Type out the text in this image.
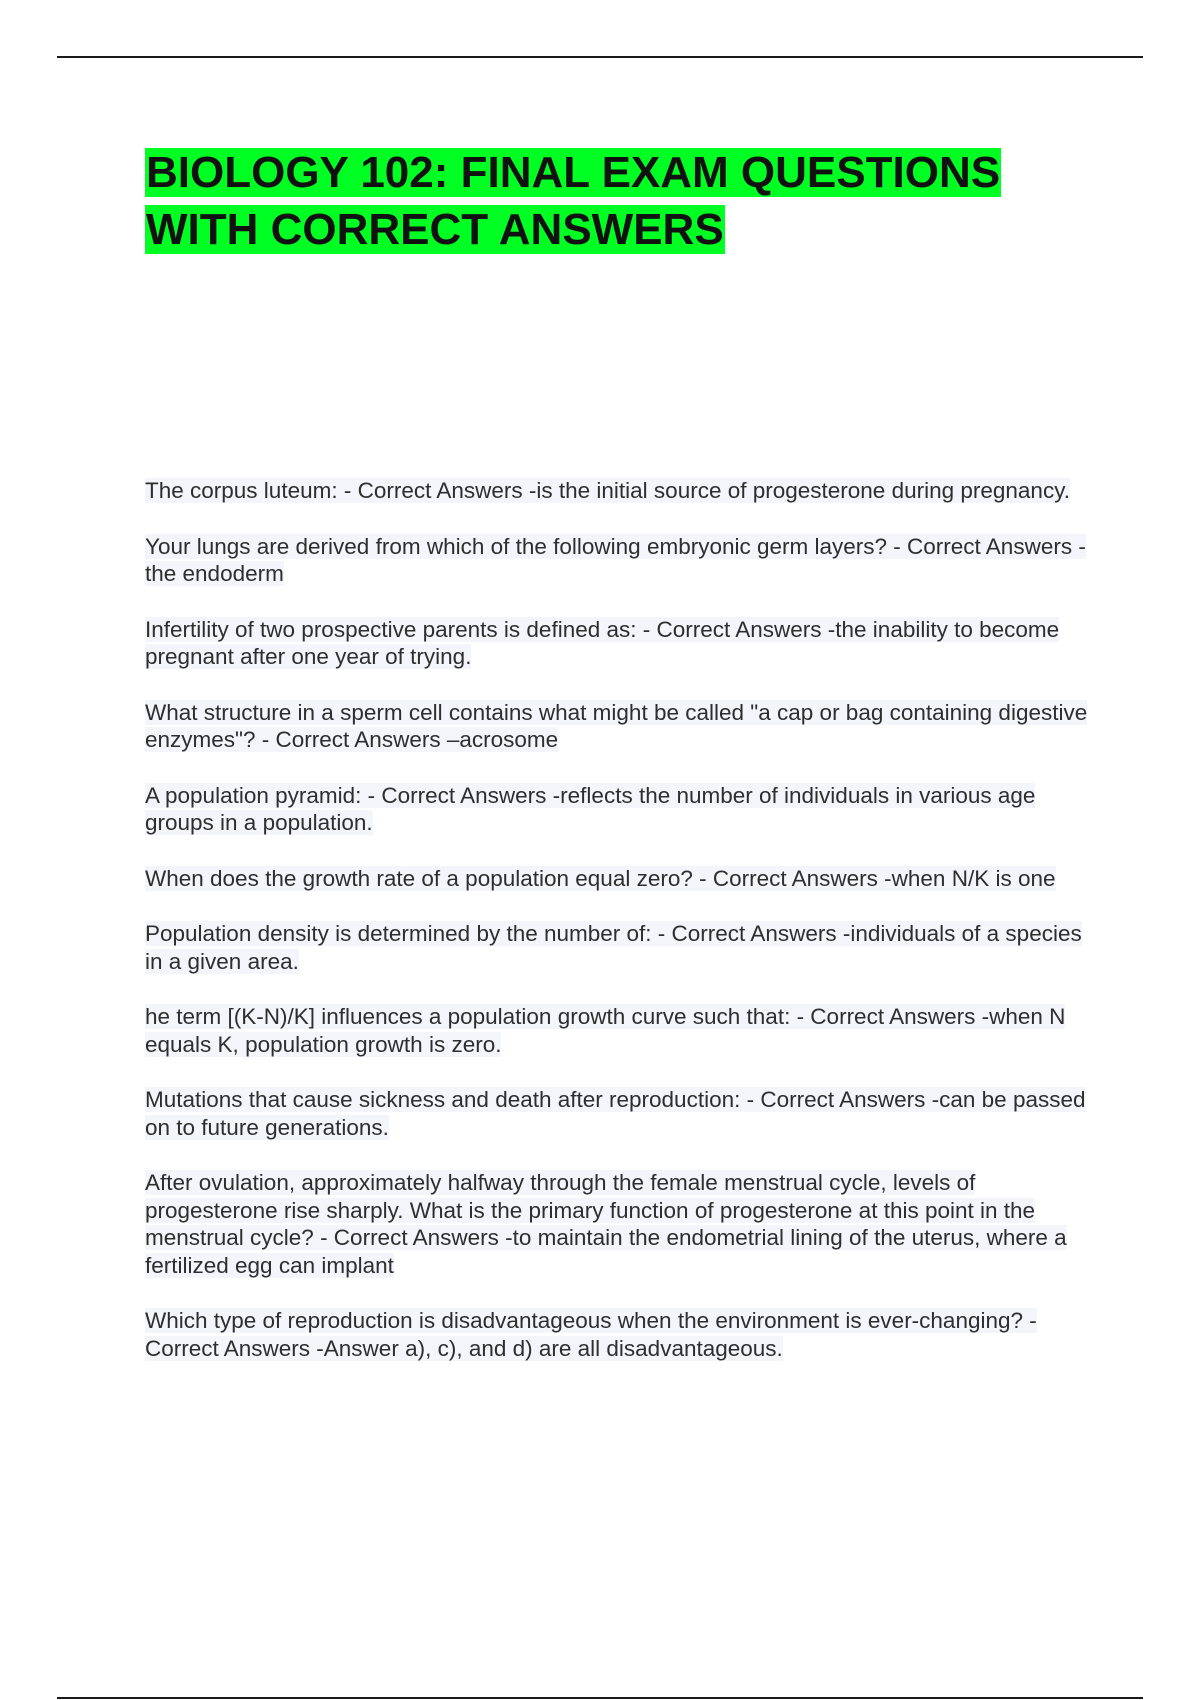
BIOLOGY 102: FINAL EXAM QUESTIONS WITH CORRECT ANSWERS

The corpus luteum: - Correct Answers -is the initial source of progesterone during pregnancy.

Your lungs are derived from which of the following embryonic germ layers? - Correct Answers -the endoderm

Infertility of two prospective parents is defined as: - Correct Answers -the inability to become pregnant after one year of trying.

What structure in a sperm cell contains what might be called "a cap or bag containing digestive enzymes"? - Correct Answers –acrosome

A population pyramid: - Correct Answers -reflects the number of individuals in various age groups in a population.

When does the growth rate of a population equal zero? - Correct Answers -when N/K is one

Population density is determined by the number of: - Correct Answers -individuals of a species in a given area.

he term [(K-N)/K] influences a population growth curve such that: - Correct Answers -when N equals K, population growth is zero.

Mutations that cause sickness and death after reproduction: - Correct Answers -can be passed on to future generations.

After ovulation, approximately halfway through the female menstrual cycle, levels of progesterone rise sharply. What is the primary function of progesterone at this point in the menstrual cycle? - Correct Answers -to maintain the endometrial lining of the uterus, where a fertilized egg can implant

Which type of reproduction is disadvantageous when the environment is ever-changing? - Correct Answers -Answer a), c), and d) are all disadvantageous.
